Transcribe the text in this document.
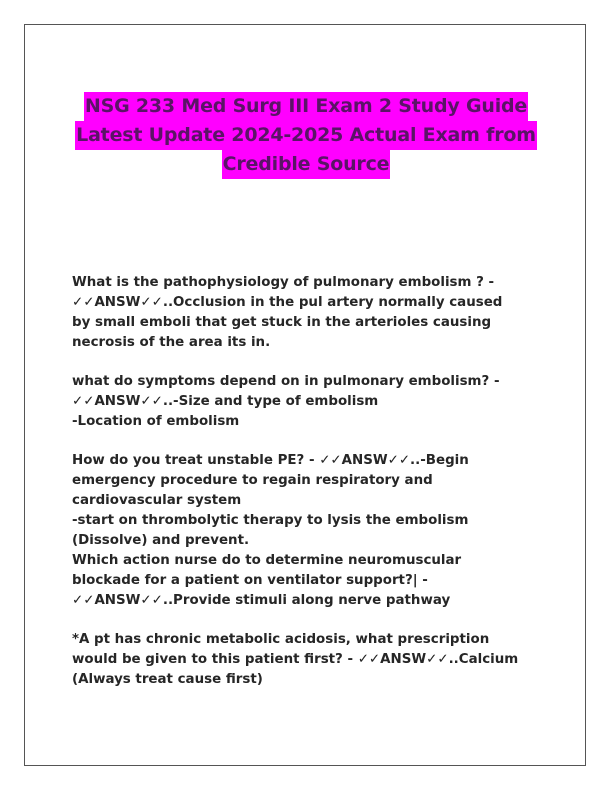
NSG 233 Med Surg III Exam 2 Study Guide
Latest Update 2024-2025 Actual Exam from
Credible Source
What is the pathophysiology of pulmonary embolism ? -
✓✓ANSW✓✓..Occlusion in the pul artery normally caused
by small emboli that get stuck in the arterioles causing
necrosis of the area its in.
what do symptoms depend on in pulmonary embolism? -
✓✓ANSW✓✓..-Size and type of embolism
-Location of embolism
How do you treat unstable PE? - ✓✓ANSW✓✓..-Begin
emergency procedure to regain respiratory and
cardiovascular system
-start on thrombolytic therapy to lysis the embolism
(Dissolve) and prevent.
Which action nurse do to determine neuromuscular
blockade for a patient on ventilator support?| -
✓✓ANSW✓✓..Provide stimuli along nerve pathway
*A pt has chronic metabolic acidosis, what prescription
would be given to this patient first? - ✓✓ANSW✓✓..Calcium
(Always treat cause first)
